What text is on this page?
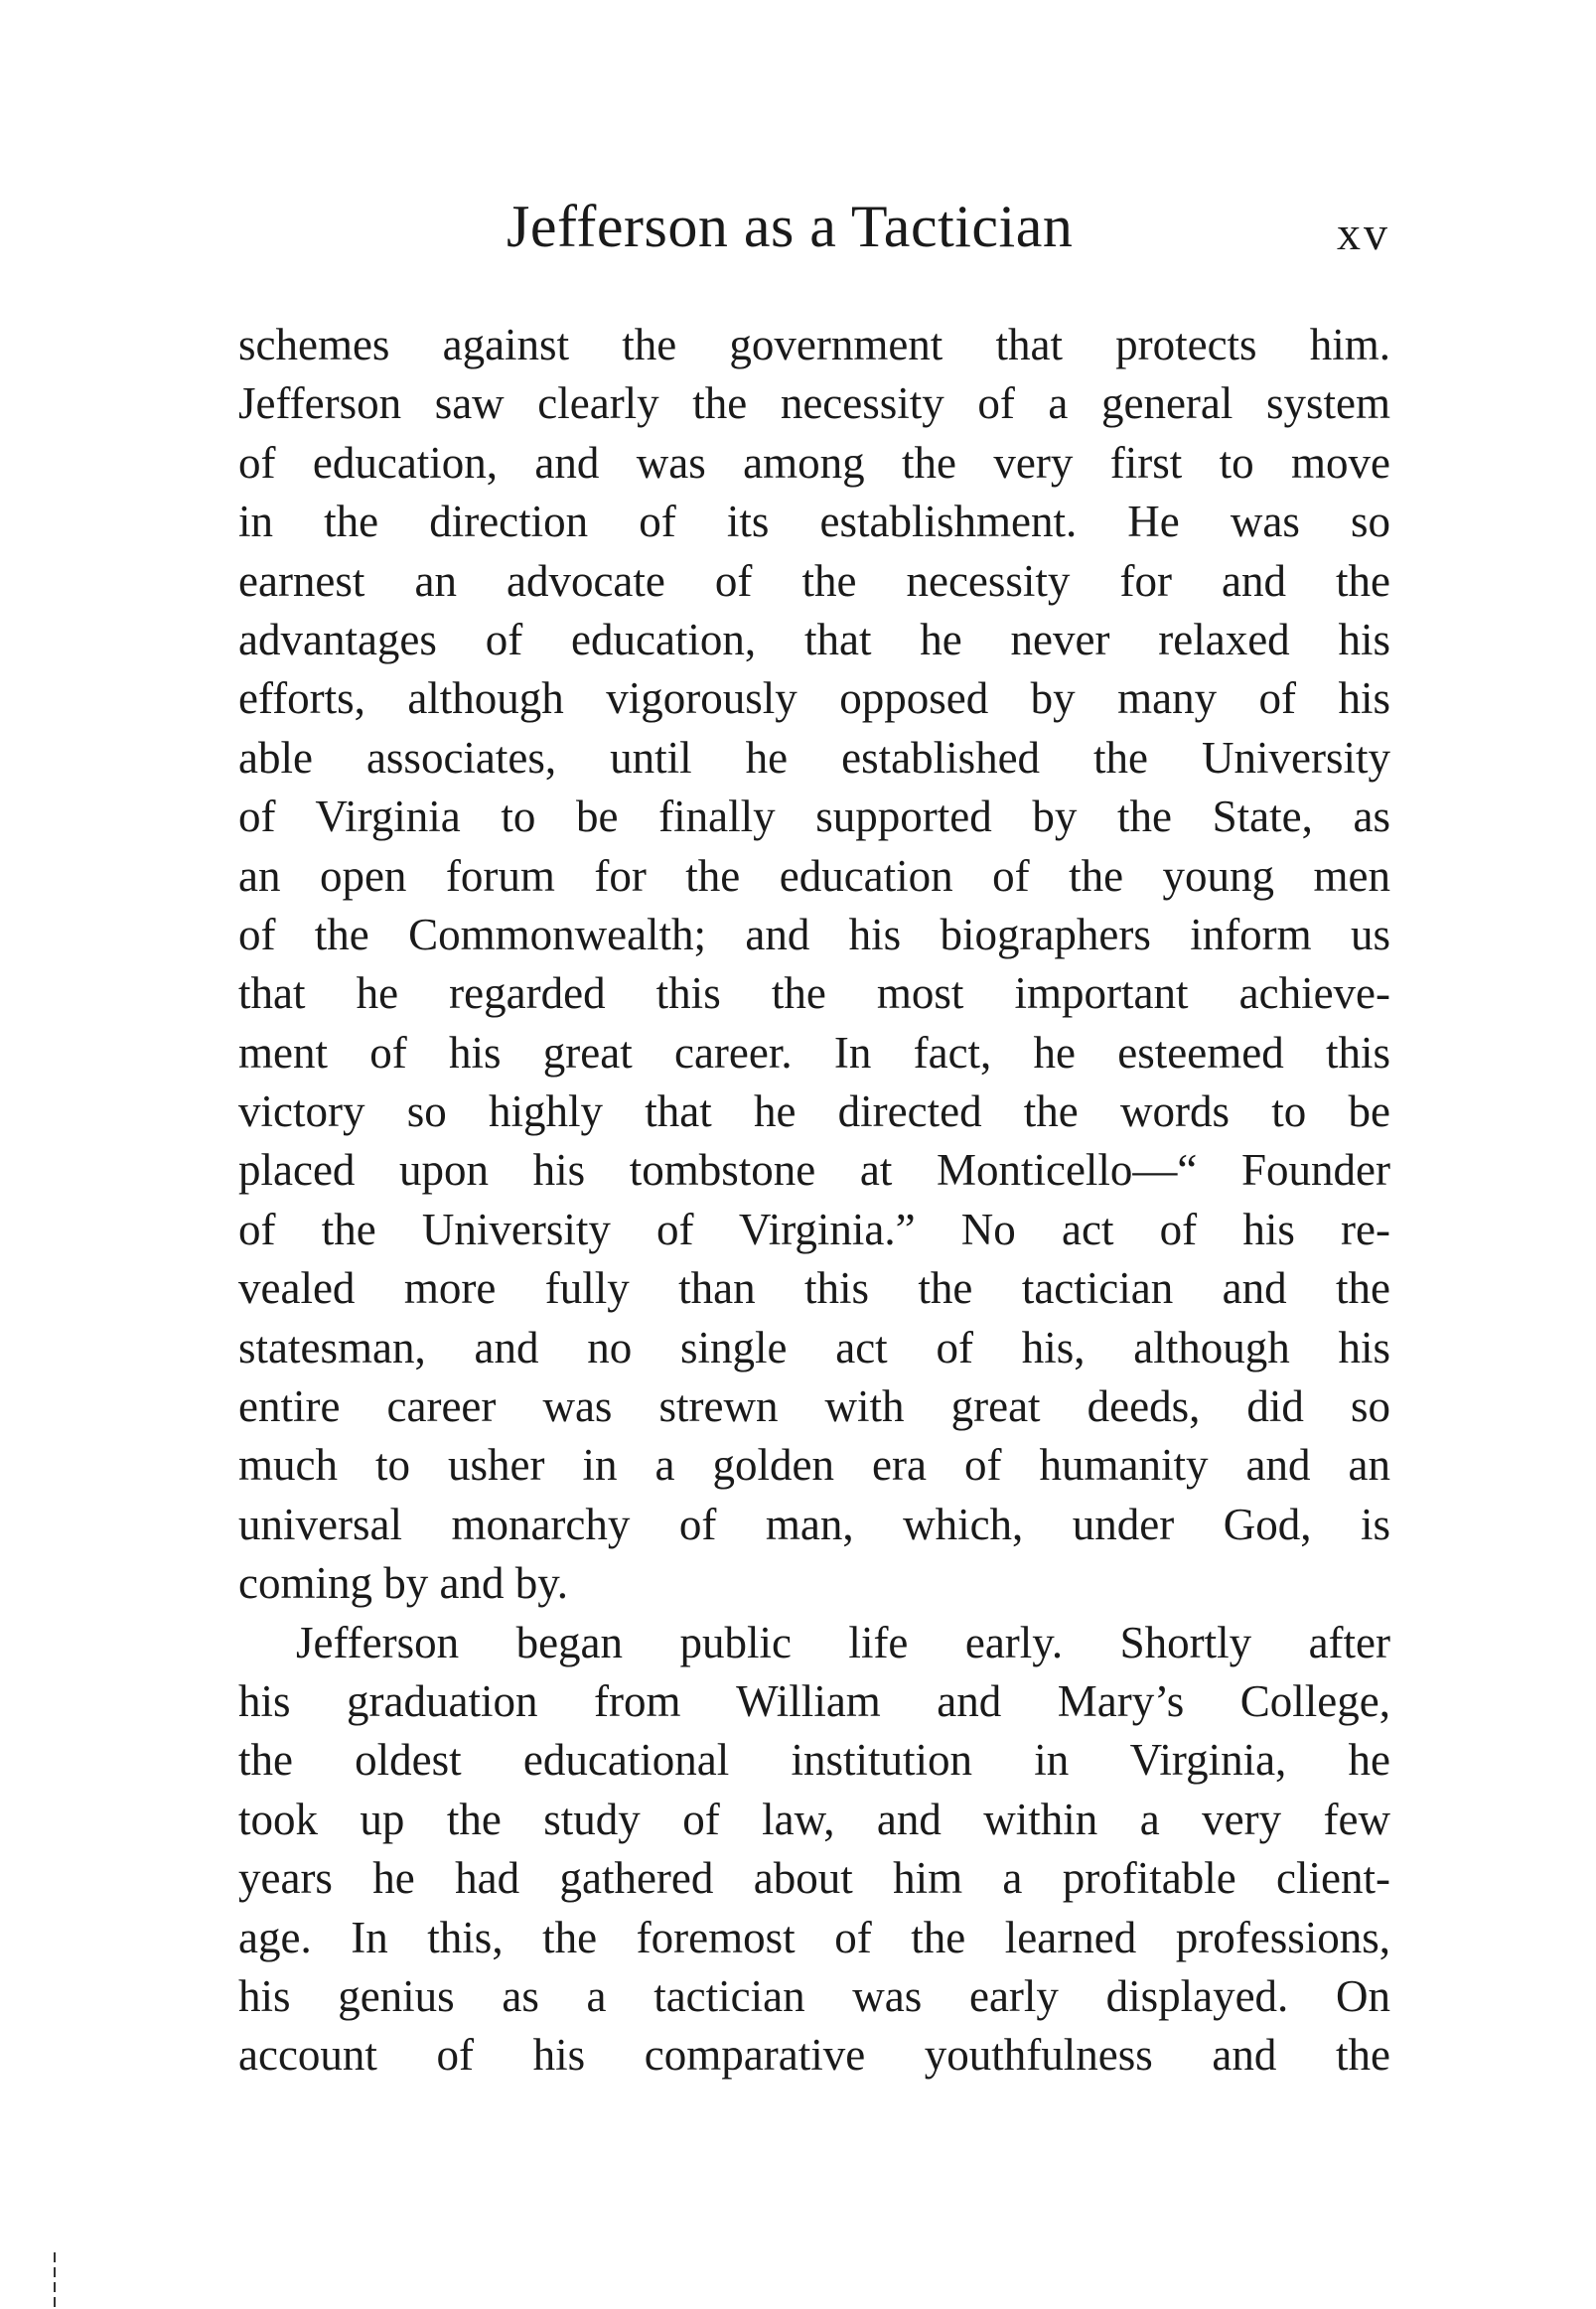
Jefferson as a Tactician	xv
schemes against the government that protects him.
Jefferson saw clearly the necessity of a general system
of education, and was among the very first to move
in the direction of its establishment. He was so
earnest an advocate of the necessity for and the
advantages of education, that he never relaxed his
efforts, although vigorously opposed by many of his
able associates, until he established the University
of Virginia to be finally supported by the State, as
an open forum for the education of the young men
of the Commonwealth; and his biographers inform us
that he regarded this the most important achieve-
ment of his great career. In fact, he esteemed this
victory so highly that he directed the words to be
placed upon his tombstone at Monticello—“ Founder
of the University of Virginia.” No act of his re-
vealed more fully than this the tactician and the
statesman, and no single act of his, although his
entire career was strewn with great deeds, did so
much to usher in a golden era of humanity and an
universal monarchy of man, which, under God, is
coming by and by.
Jefferson began public life early. Shortly after
his graduation from William and Mary’s College,
the oldest educational institution in Virginia, he
took up the study of law, and within a very few
years he had gathered about him a profitable client-
age. In this, the foremost of the learned professions,
his genius as a tactician was early displayed. On
account of his comparative youthfulness and the
